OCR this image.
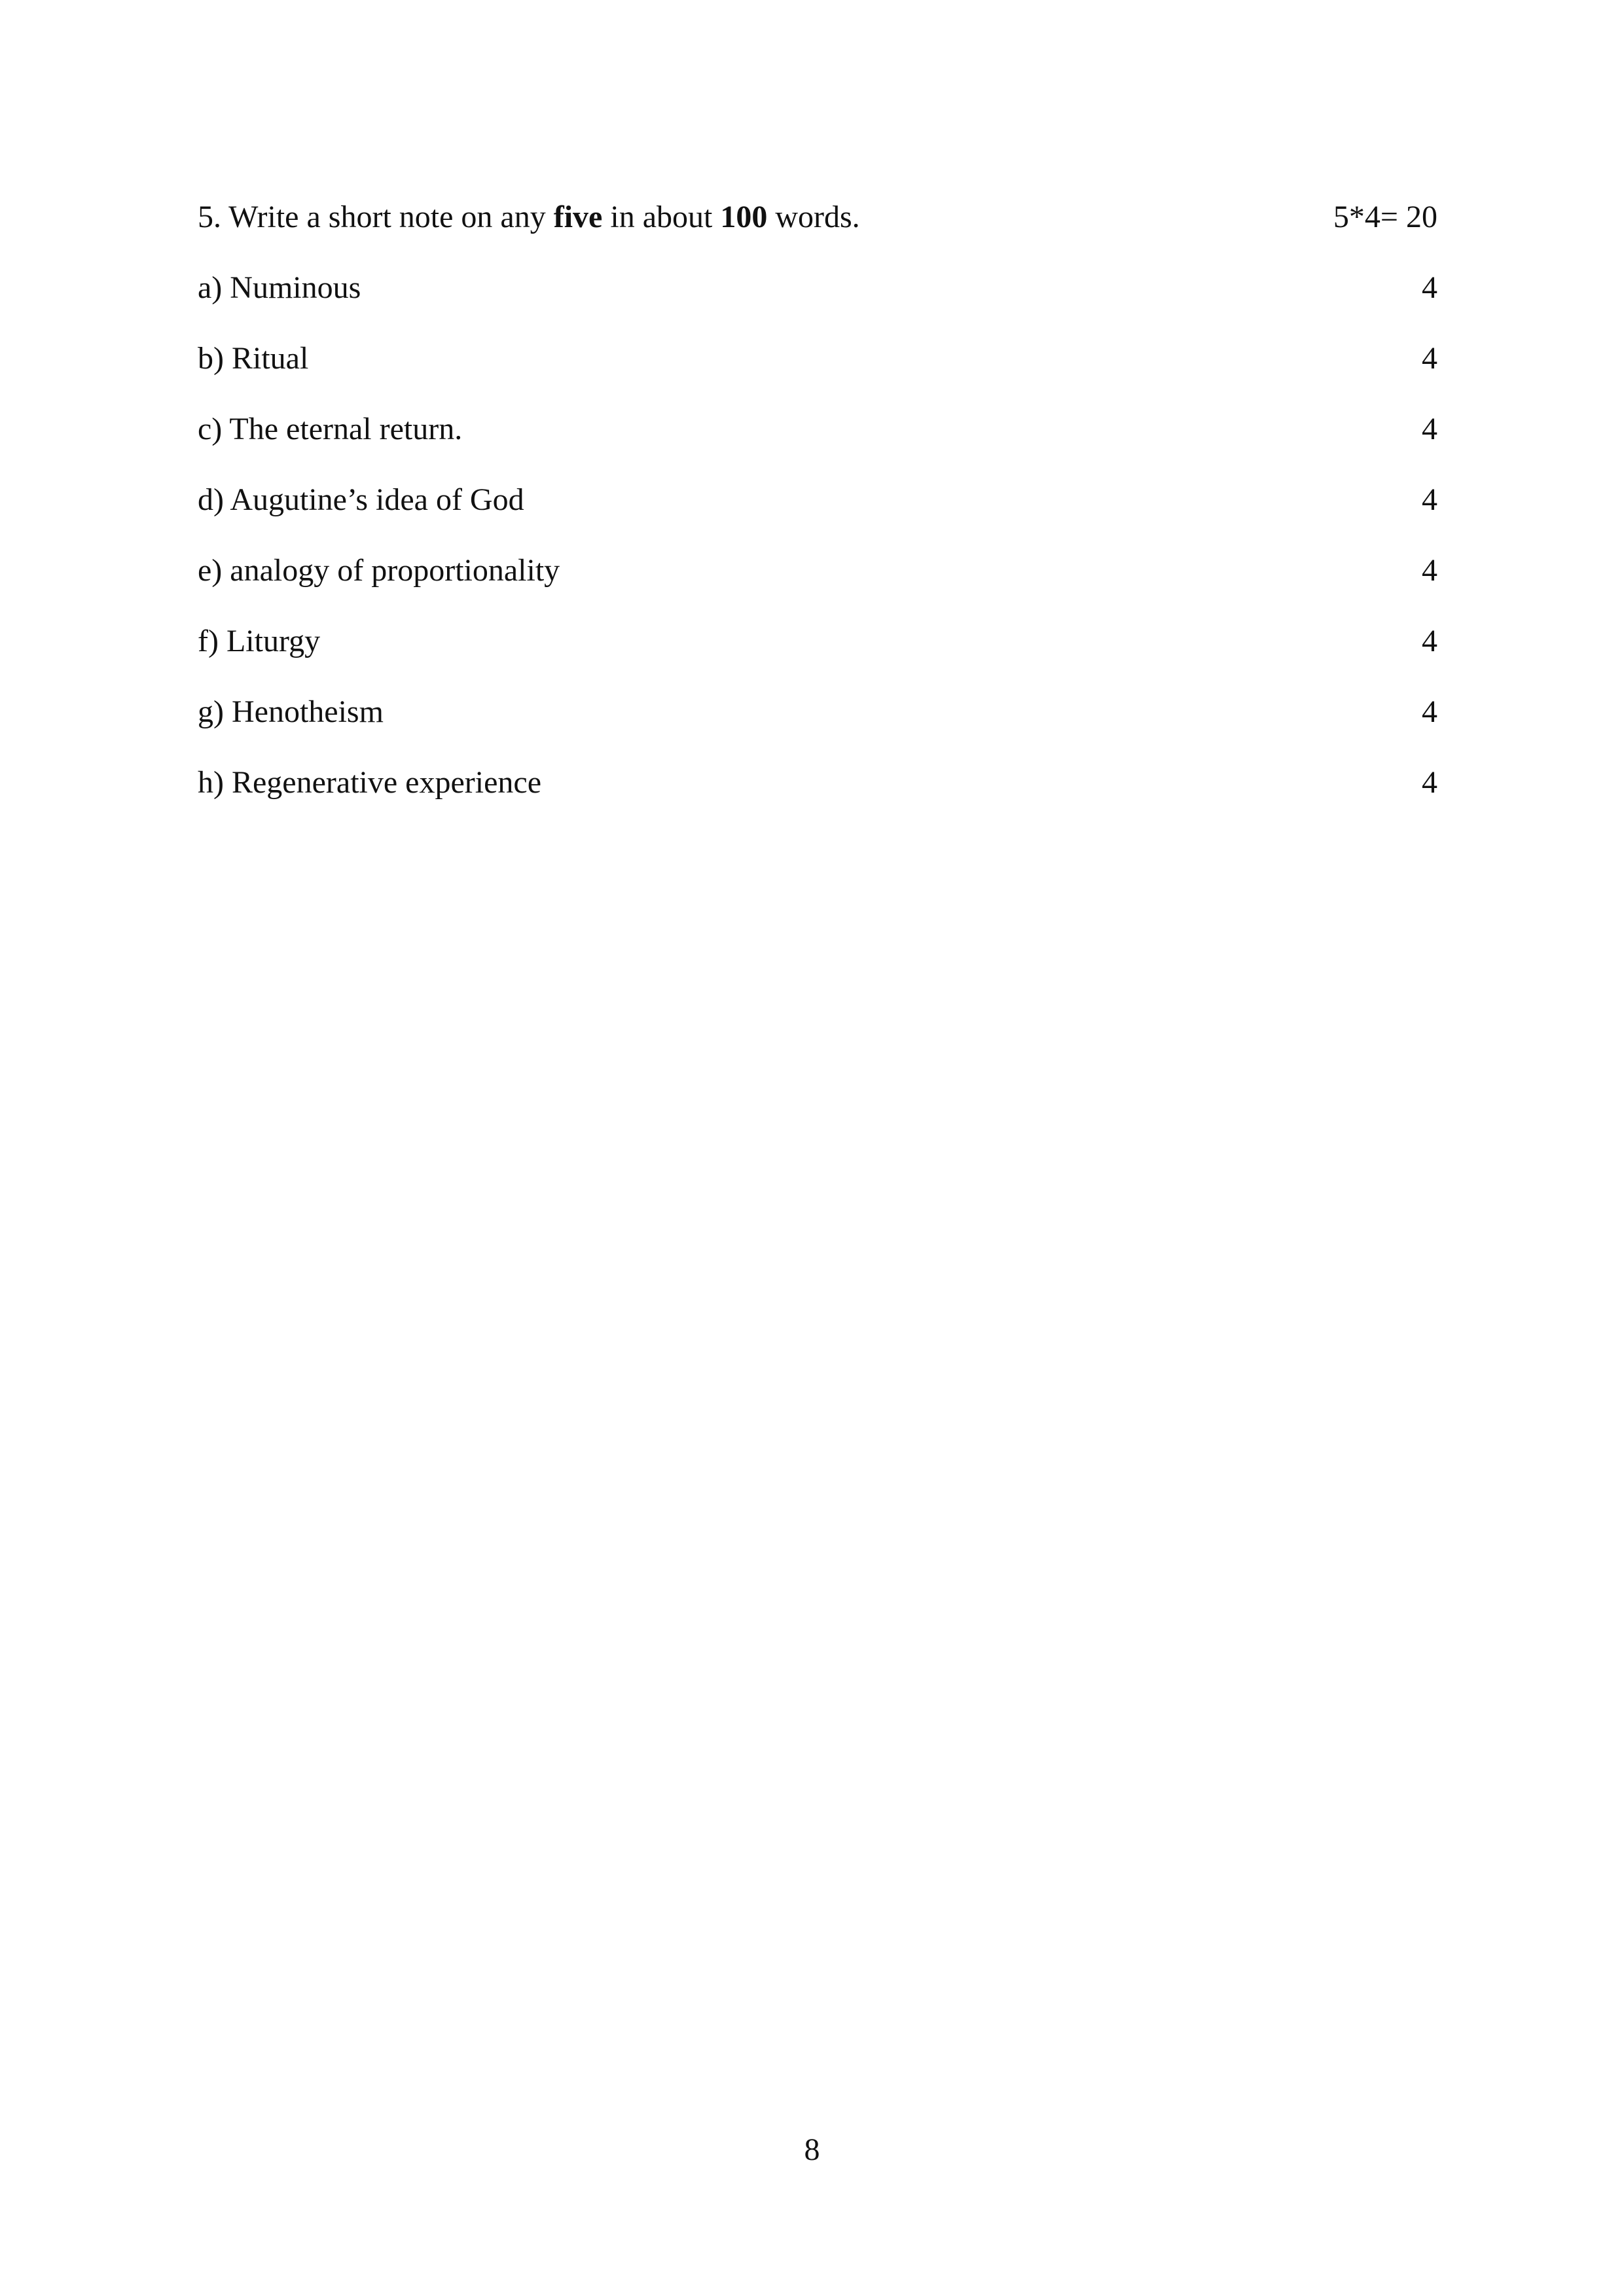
5. Write a short note on any five in about 100 words.	5*4= 20
a) Numinous	4
b) Ritual	4
c) The eternal return.	4
d) Augutine’s idea of God	4
e) analogy of proportionality	4
f) Liturgy	4
g) Henotheism	4
h) Regenerative experience	4
8
